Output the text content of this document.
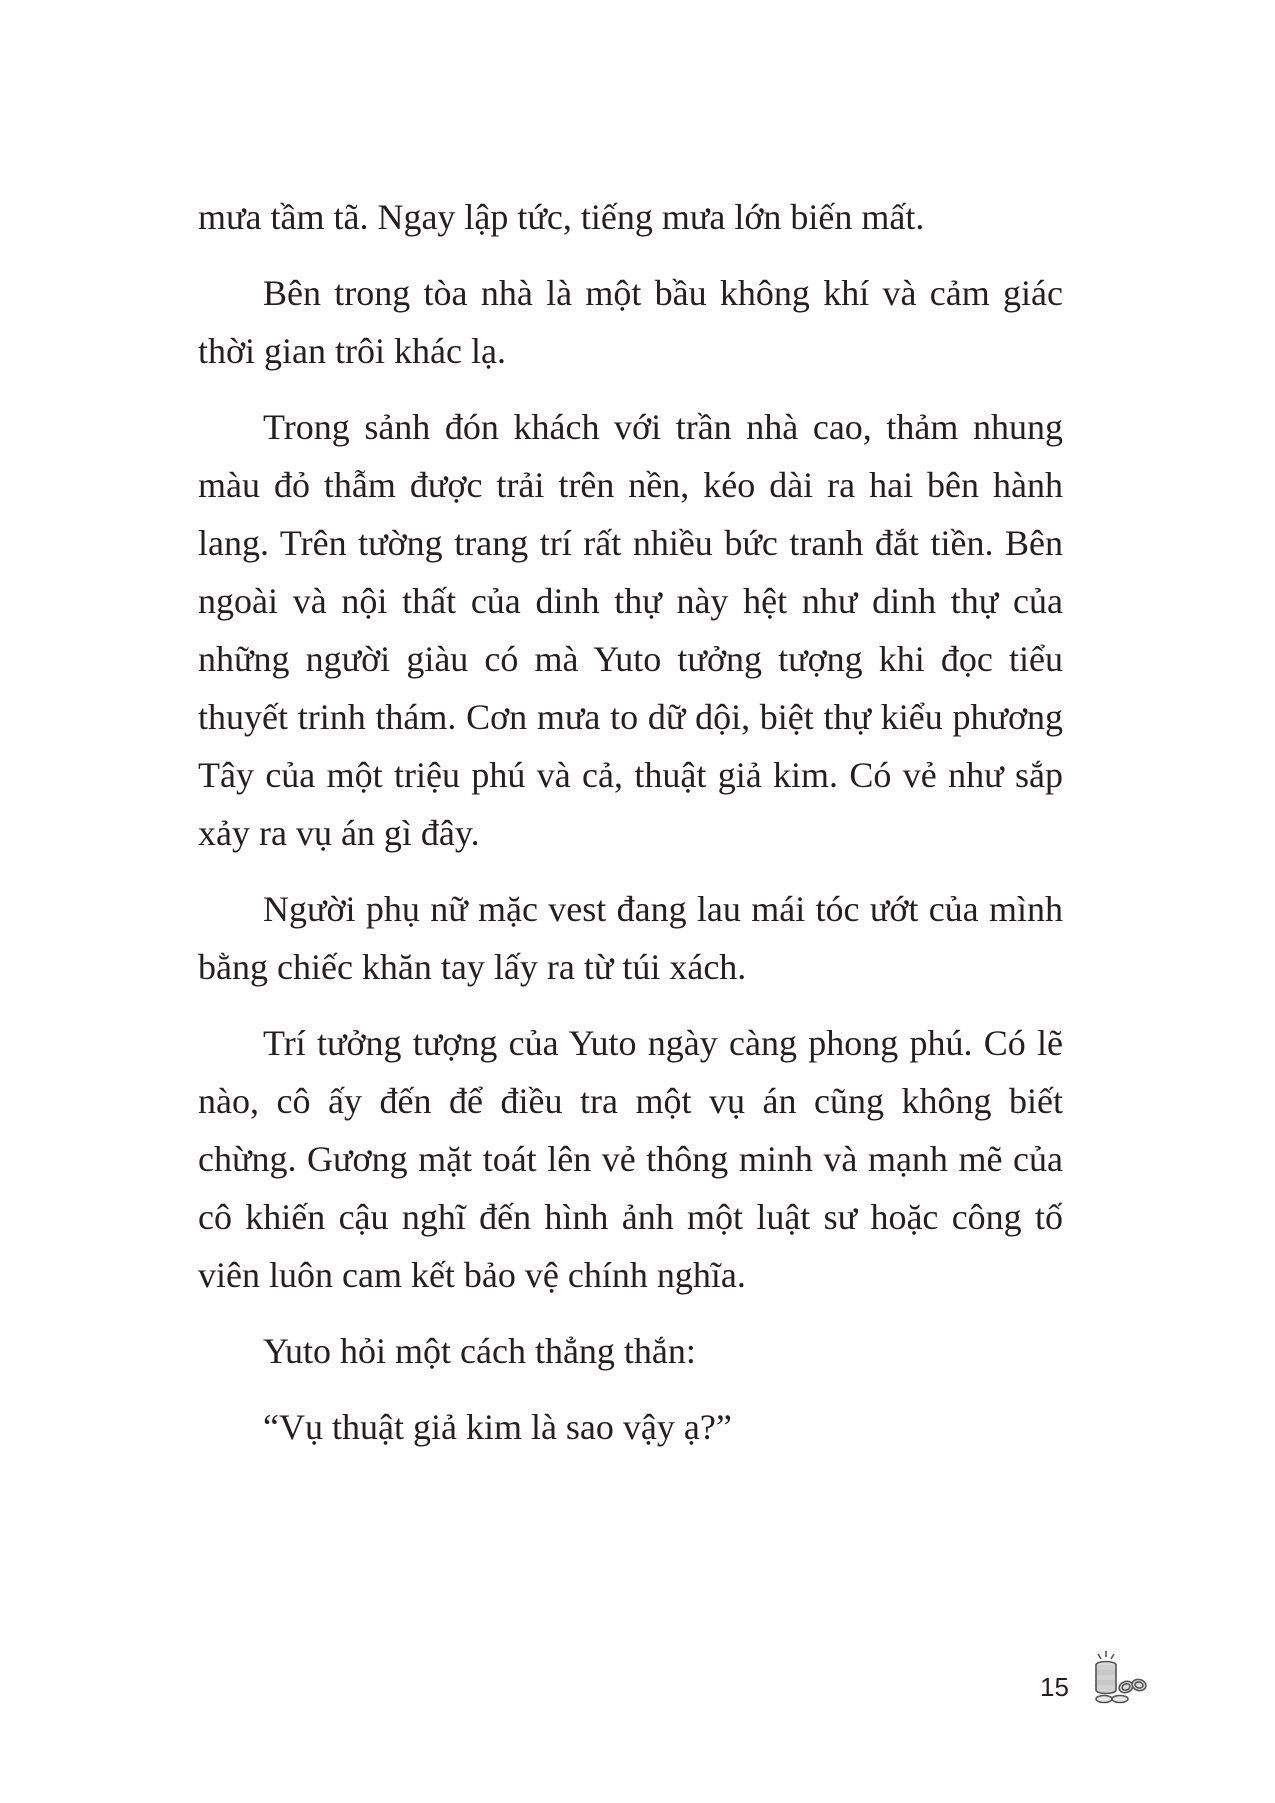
mưa tầm tã. Ngay lập tức, tiếng mưa lớn biến mất.

Bên trong tòa nhà là một bầu không khí và cảm giác thời gian trôi khác lạ.

Trong sảnh đón khách với trần nhà cao, thảm nhung màu đỏ thẫm được trải trên nền, kéo dài ra hai bên hành lang. Trên tường trang trí rất nhiều bức tranh đắt tiền. Bên ngoài và nội thất của dinh thự này hệt như dinh thự của những người giàu có mà Yuto tưởng tượng khi đọc tiểu thuyết trinh thám. Cơn mưa to dữ dội, biệt thự kiểu phương Tây của một triệu phú và cả, thuật giả kim. Có vẻ như sắp xảy ra vụ án gì đây.

Người phụ nữ mặc vest đang lau mái tóc ướt của mình bằng chiếc khăn tay lấy ra từ túi xách.

Trí tưởng tượng của Yuto ngày càng phong phú. Có lẽ nào, cô ấy đến để điều tra một vụ án cũng không biết chừng. Gương mặt toát lên vẻ thông minh và mạnh mẽ của cô khiến cậu nghĩ đến hình ảnh một luật sư hoặc công tố viên luôn cam kết bảo vệ chính nghĩa.

Yuto hỏi một cách thẳng thắn:

“Vụ thuật giả kim là sao vậy ạ?”

15
